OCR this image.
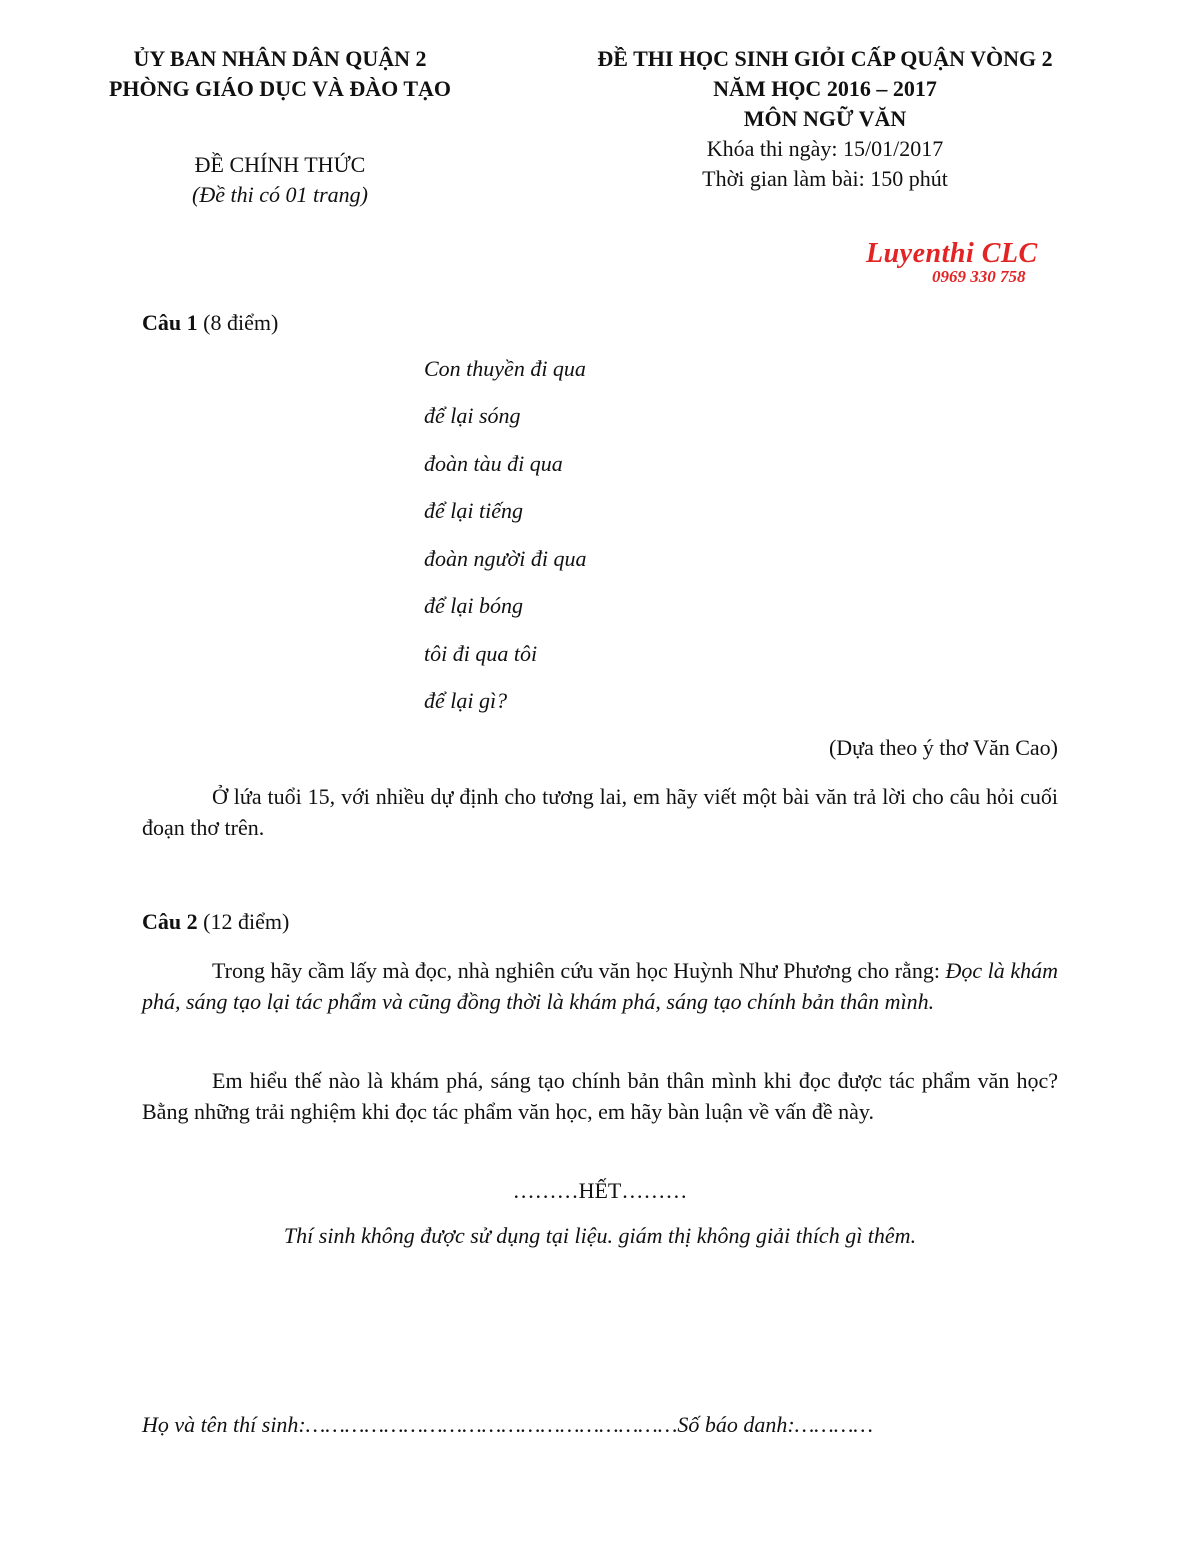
ỦY BAN NHÂN DÂN QUẬN 2
PHÒNG GIÁO DỤC VÀ ĐÀO TẠO
ĐỀ CHÍNH THỨC
(Đề thi có 01 trang)
ĐỀ THI HỌC SINH GIỎI CẤP QUẬN VÒNG 2
NĂM HỌC 2016 – 2017
MÔN NGỮ VĂN
Khóa thi ngày: 15/01/2017
Thời gian làm bài: 150 phút
Luyenthi CLC
0969 330 758
Câu 1 (8 điểm)
Con thuyền đi qua
để lại sóng
đoàn tàu đi qua
để lại tiếng
đoàn người đi qua
để lại bóng
tôi đi qua tôi
để lại gì?
(Dựa theo ý thơ Văn Cao)
Ở lứa tuổi 15, với nhiều dự định cho tương lai, em hãy viết một bài văn trả lời cho câu hỏi cuối đoạn thơ trên.
Câu 2 (12 điểm)
Trong hãy cầm lấy mà đọc, nhà nghiên cứu văn học Huỳnh Như Phương cho rằng: Đọc là khám phá, sáng tạo lại tác phẩm và cũng đồng thời là khám phá, sáng tạo chính bản thân mình.
Em hiểu thế nào là khám phá, sáng tạo chính bản thân mình khi đọc được tác phẩm văn học? Bằng những trải nghiệm khi đọc tác phẩm văn học, em hãy bàn luận về vấn đề này.
………HẾT………
Thí sinh không được sử dụng tại liệu. giám thị không giải thích gì thêm.
Họ và tên thí sinh:…………………………………………………Số báo danh:…………
